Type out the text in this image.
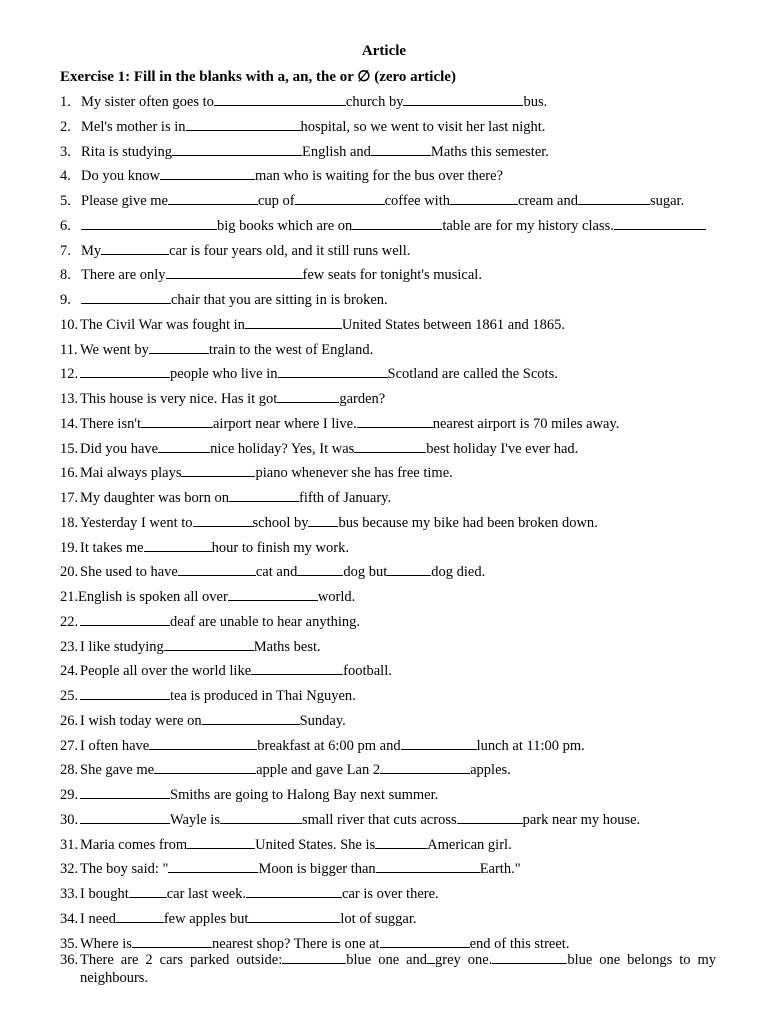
Article
Exercise 1: Fill in the blanks with a, an, the or ∅ (zero article)
1. My sister often goes to	church by	bus.
2. Mel's mother is in	hospital, so we went to visit her last night.
3. Rita is studying	English and	Maths this semester.
4. Do you know	man who is waiting for the bus over there?
5. Please give me	cup of	coffee with	cream and	sugar.
6.	big books which are on	table are for my history class.
7. My	car is four years old, and it still runs well.
8. There are only	few seats for tonight's musical.
9.	chair that you are sitting in is broken.
10. The Civil War was fought in	United States between 1861 and 1865.
11. We went by	train to the west of England.
12.	people who live in	Scotland are called the Scots.
13. This house is very nice. Has it got	garden?
14. There isn't	airport near where I live.	nearest airport is 70 miles away.
15. Did you have	nice holiday? Yes, It was	best holiday I've ever had.
16. Mai always plays	piano whenever she has free time.
17. My daughter was born on	fifth of January.
18. Yesterday I went to	school by bus because my bike had been broken down.
19. It takes me	hour to finish my work.
20. She used to have	cat and	dog but	dog died.
21. English is spoken all over	world.
22.	deaf are unable to hear anything.
23. I like studying	Maths best.
24. People all over the world like	football.
25.	tea is produced in Thai Nguyen.
26. I wish today were on	Sunday.
27. I often have	breakfast at 6:00 pm and	lunch at 11:00 pm.
28. She gave me	apple and gave Lan 2	apples.
29.	Smiths are going to Halong Bay next summer.
30.	Wayle is	small river that cuts across	park near my house.
31. Maria comes from	United States. She is	American girl.
32. The boy said: "	Moon is bigger than	Earth."
33. I bought	car last week.	car is over there.
34. I need	few apples but	lot of suggar.
35. Where is	nearest shop? There is one at	end of this street.
36. There are 2 cars parked outside:	blue one and grey one.	blue one belongs to my neighbours.
